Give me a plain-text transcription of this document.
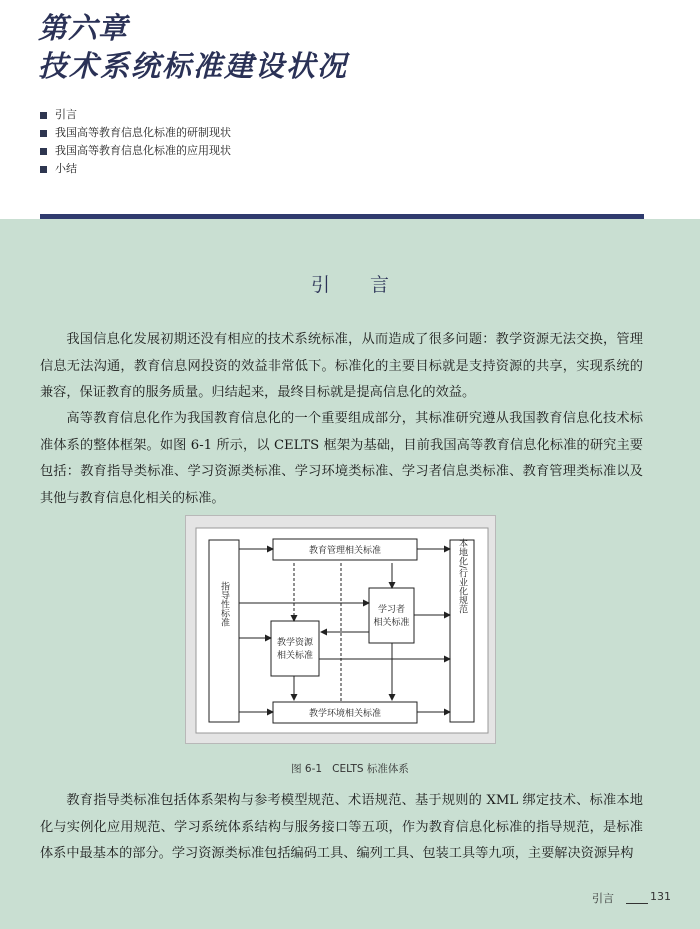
第六章
技术系统标准建设状况
引言
我国高等教育信息化标准的研制现状
我国高等教育信息化标准的应用现状
小结
引言

我国信息化发展初期还没有相应的技术系统标准，从而造成了很多问题：教学资源无法交换，管理信息无法沟通，教育信息网投资的效益非常低下。标准化的主要目标就是支持资源的共享，实现系统的兼容，保证教育的服务质量。归结起来，最终目标就是提高信息化的效益。

高等教育信息化作为我国教育信息化的一个重要组成部分，其标准研究遵从我国教育信息化技术标准体系的整体框架。如图 6-1 所示，以 CELTS 框架为基础，目前我国高等教育信息化标准的研究主要包括：教育指导类标准、学习资源类标准、学习环境类标准、学习者信息类标准、教育管理类标准以及其他与教育信息化相关的标准。

指导性标准
教育管理相关标准
学习者
相关标准
教学资源
相关标准
教学环境相关标准
本地化/行业化规范
图 6-1 CELTS 标准体系

教育指导类标准包括体系架构与参考模型规范、术语规范、基于规则的 XML 绑定技术、标准本地化与实例化应用规范、学习系统体系结构与服务接口等五项，作为教育信息化标准的指导规范，是标准体系中最基本的部分。学习资源类标准包括编码工具、编列工具、包装工具等九项，主要解决资源异构

引言	131
